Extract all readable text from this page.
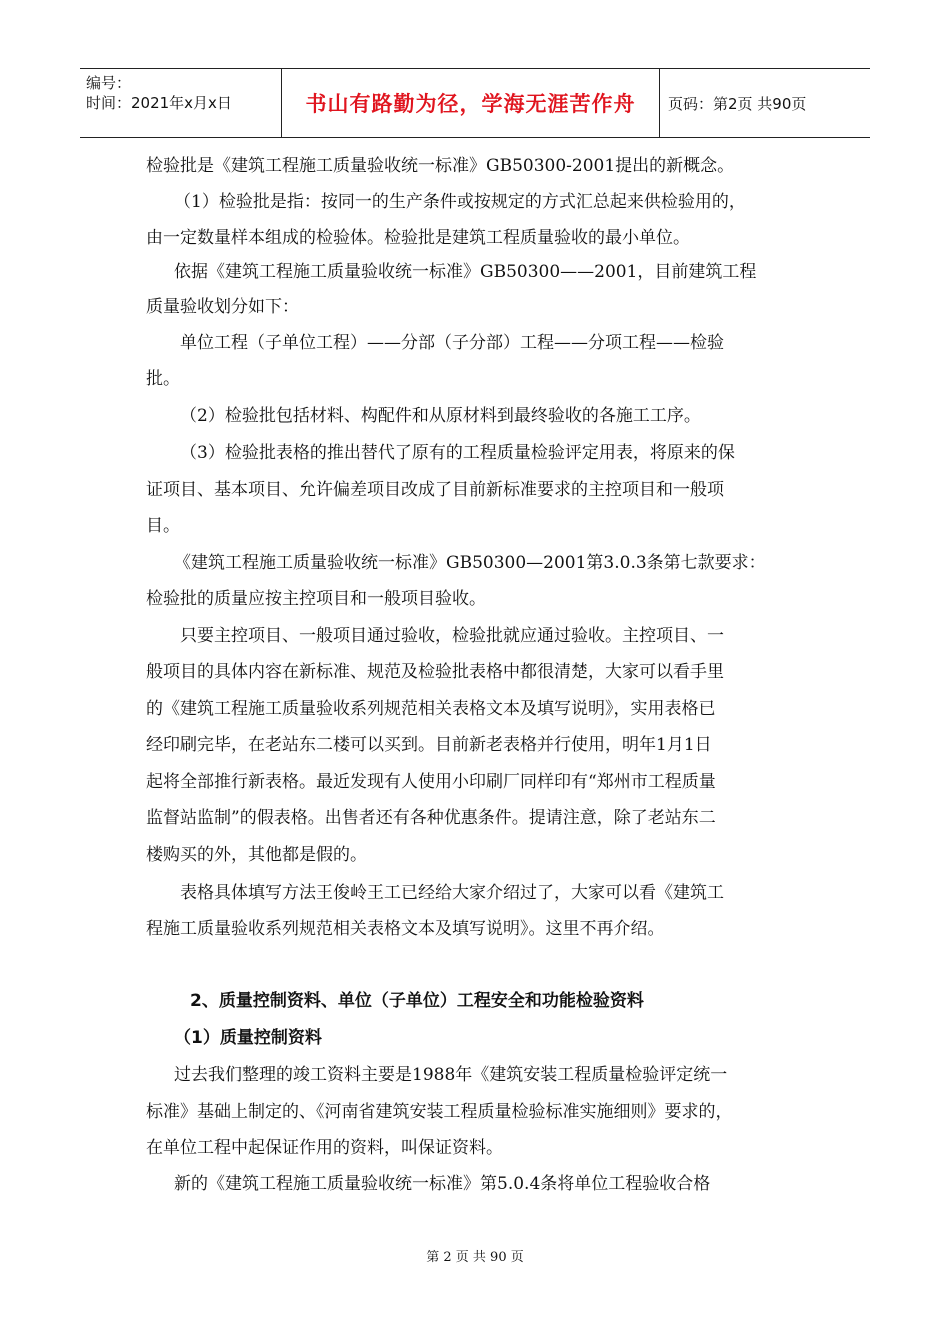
编号：
时间：2021年x月x日	书山有路勤为径，学海无涯苦作舟 页码：第2页 共90页
检验批是《建筑工程施工质量验收统一标准》GB50300-2001提出的新概念。
（1）检验批是指：按同一的生产条件或按规定的方式汇总起来供检验用的，
由一定数量样本组成的检验体。检验批是建筑工程质量验收的最小单位。
依据《建筑工程施工质量验收统一标准》GB50300——2001，目前建筑工程
质量验收划分如下：
单位工程（子单位工程）——分部（子分部）工程——分项工程——检验
批。
（2）检验批包括材料、构配件和从原材料到最终验收的各施工工序。
（3）检验批表格的推出替代了原有的工程质量检验评定用表，将原来的保
证项目、基本项目、允许偏差项目改成了目前新标准要求的主控项目和一般项
目。
《建筑工程施工质量验收统一标准》GB50300—2001第3.0.3条第七款要求：
检验批的质量应按主控项目和一般项目验收。
只要主控项目、一般项目通过验收，检验批就应通过验收。主控项目、一
般项目的具体内容在新标准、规范及检验批表格中都很清楚，大家可以看手里
的《建筑工程施工质量验收系列规范相关表格文本及填写说明》，实用表格已
经印刷完毕，在老站东二楼可以买到。目前新老表格并行使用，明年1月1日
起将全部推行新表格。最近发现有人使用小印刷厂同样印有“郑州市工程质量
监督站监制”的假表格。出售者还有各种优惠条件。提请注意，除了老站东二
楼购买的外，其他都是假的。
表格具体填写方法王俊岭王工已经给大家介绍过了，大家可以看《建筑工
程施工质量验收系列规范相关表格文本及填写说明》。这里不再介绍。
2、质量控制资料、单位（子单位）工程安全和功能检验资料
（1）质量控制资料
过去我们整理的竣工资料主要是1988年《建筑安装工程质量检验评定统一
标准》基础上制定的、《河南省建筑安装工程质量检验标准实施细则》要求的，
在单位工程中起保证作用的资料，叫保证资料。
新的《建筑工程施工质量验收统一标准》第5.0.4条将单位工程验收合格
第 2 页 共 90 页
